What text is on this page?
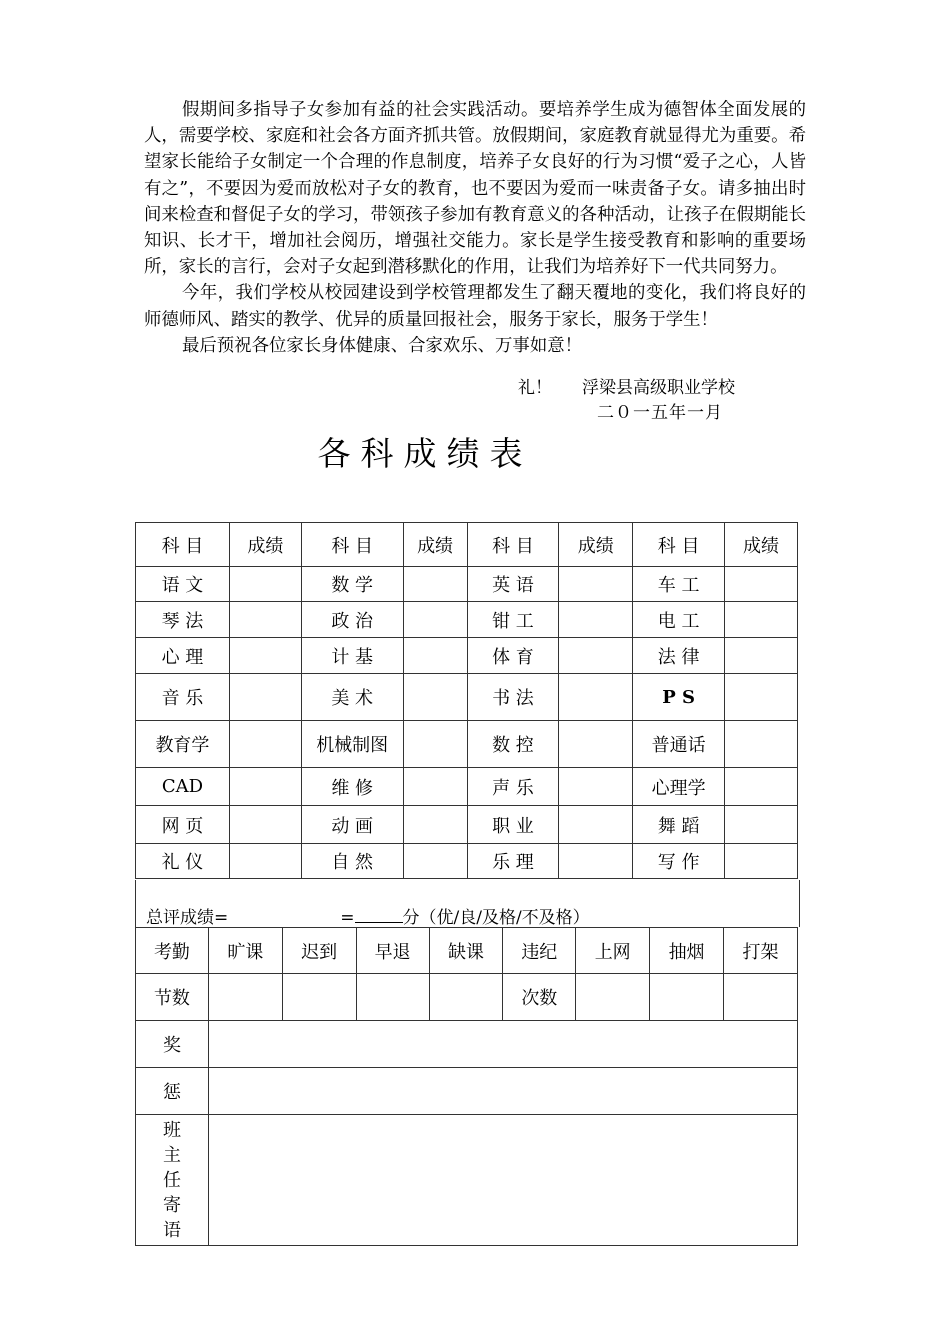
假期间多指导子女参加有益的社会实践活动。要培养学生成为德智体全面发展的人，需要学校、家庭和社会各方面齐抓共管。放假期间，家庭教育就显得尤为重要。希望家长能给子女制定一个合理的作息制度，培养子女良好的行为习惯“爱子之心，人皆有之”，不要因为爱而放松对子女的教育，也不要因为爱而一味责备子女。请多抽出时间来检查和督促子女的学习，带领孩子参加有教育意义的各种活动，让孩子在假期能长知识、长才干，增加社会阅历，增强社交能力。家长是学生接受教育和影响的重要场所，家长的言行，会对子女起到潜移默化的作用，让我们为培养好下一代共同努力。

今年，我们学校从校园建设到学校管理都发生了翻天覆地的变化，我们将良好的师德师风、踏实的教学、优异的质量回报社会，服务于家长，服务于学生！

最后预祝各位家长身体健康、合家欢乐、万事如意！

礼！ 浮梁县高级职业学校
二０一五年一月
各科成绩表
科 目	成绩	科 目	成绩	科 目	成绩	科 目	成绩
语 文		数 学		英 语		车 工	
琴 法		政 治		钳 工		电 工	
心 理		计 基		体 育		法 律	
音 乐		美 术		书 法		P S	
教育学		机械制图		数 控		普通话	
CAD		维 修		声 乐		心理学	
网 页		动 画		职 业		舞 蹈	
礼 仪		自 然		乐 理		写 作	
总评成绩=	=	分（优/良/及格/不及格）
考勤	旷课	迟到	早退	缺课	违纪	上网	抽烟	打架
节数					次数			
奖								
惩								

班
主
任
寄
语								
